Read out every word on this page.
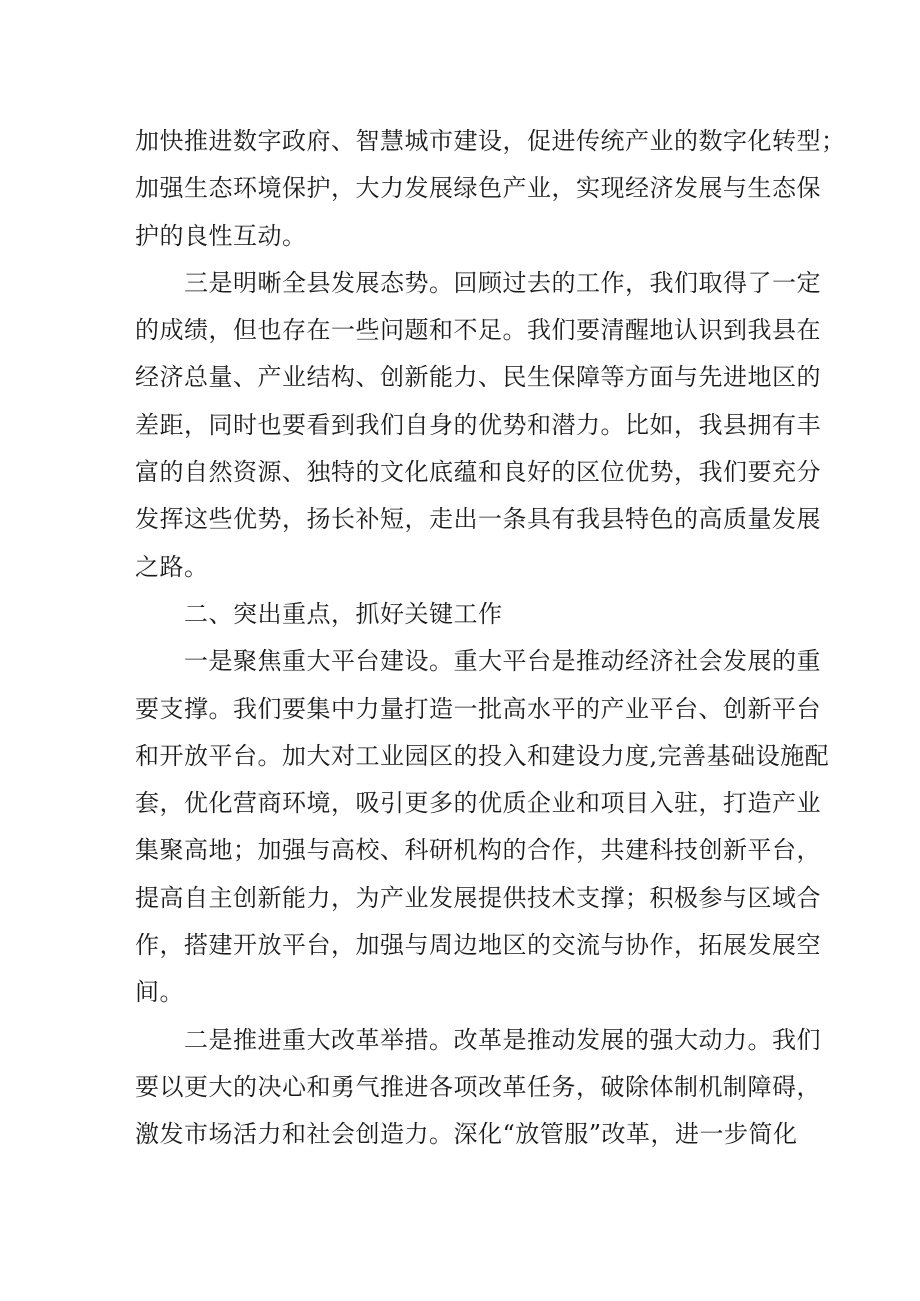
加快推进数字政府、智慧城市建设，促进传统产业的数字化转型；
加强生态环境保护，大力发展绿色产业，实现经济发展与生态保
护的良性互动。
　　三是明晰全县发展态势。回顾过去的工作，我们取得了一定
的成绩，但也存在一些问题和不足。我们要清醒地认识到我县在
经济总量、产业结构、创新能力、民生保障等方面与先进地区的
差距，同时也要看到我们自身的优势和潜力。比如，我县拥有丰
富的自然资源、独特的文化底蕴和良好的区位优势，我们要充分
发挥这些优势，扬长补短，走出一条具有我县特色的高质量发展
之路。
　　二、突出重点，抓好关键工作
　　一是聚焦重大平台建设。重大平台是推动经济社会发展的重
要支撑。我们要集中力量打造一批高水平的产业平台、创新平台
和开放平台。加大对工业园区的投入和建设力度,完善基础设施配
套，优化营商环境，吸引更多的优质企业和项目入驻，打造产业
集聚高地；加强与高校、科研机构的合作，共建科技创新平台，
提高自主创新能力，为产业发展提供技术支撑；积极参与区域合
作，搭建开放平台，加强与周边地区的交流与协作，拓展发展空
间。
　　二是推进重大改革举措。改革是推动发展的强大动力。我们
要以更大的决心和勇气推进各项改革任务，破除体制机制障碍，
激发市场活力和社会创造力。深化“放管服”改革，进一步简化
